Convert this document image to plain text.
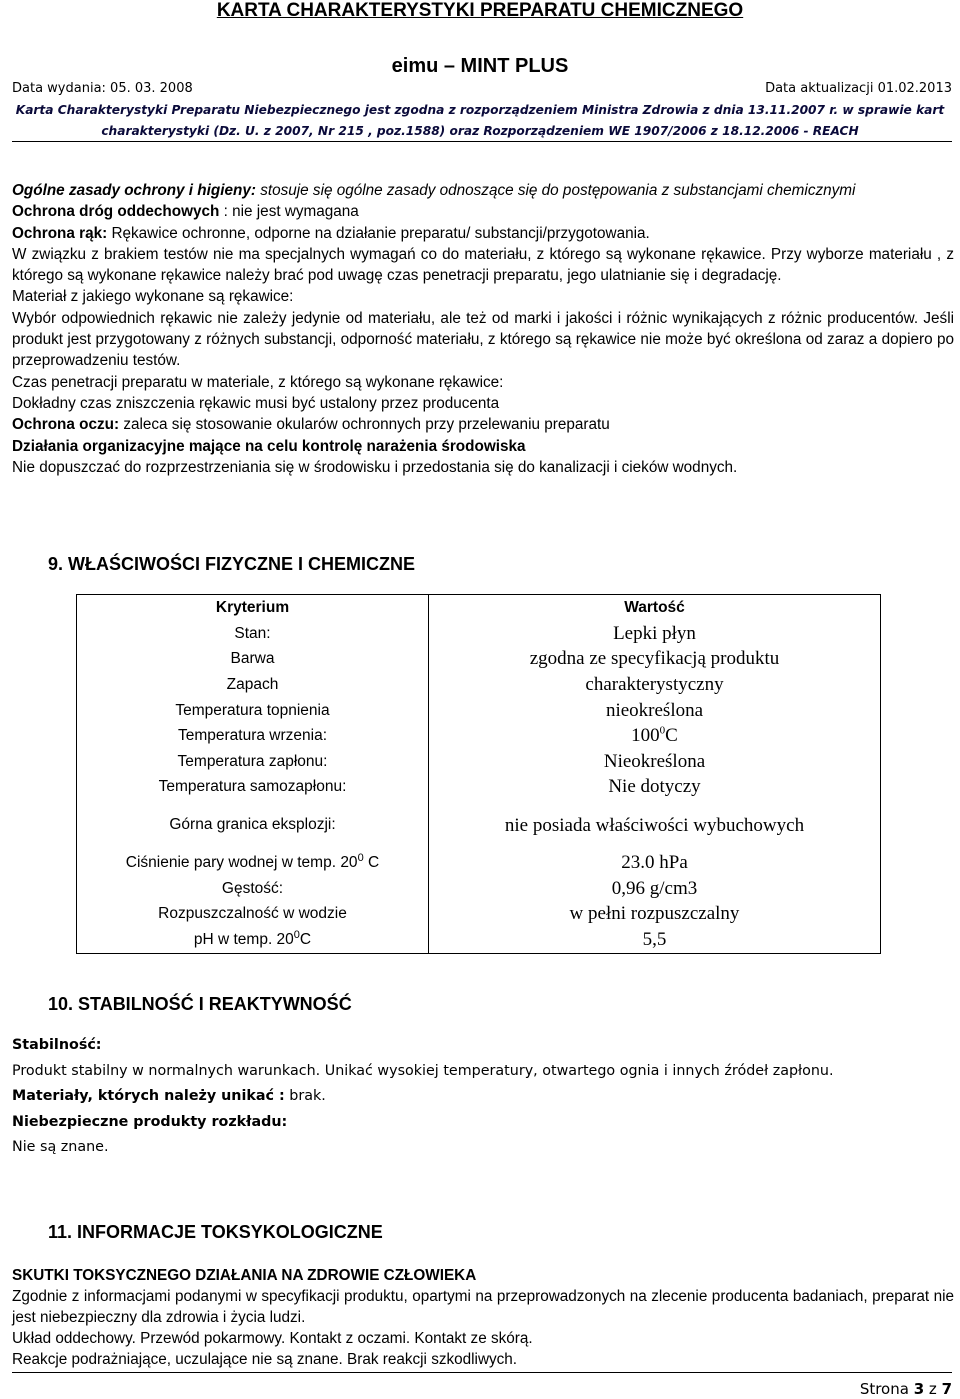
KARTA CHARAKTERYSTYKI PREPARATU CHEMICZNEGO
eimu – MINT PLUS
Data wydania: 05. 03. 2008	Data aktualizacji 01.02.2013
Karta Charakterystyki Preparatu Niebezpiecznego jest zgodna z rozporządzeniem Ministra Zdrowia z dnia 13.11.2007 r. w sprawie kart
charakterystyki (Dz. U. z 2007, Nr 215 , poz.1588) oraz Rozporządzeniem WE 1907/2006 z 18.12.2006 - REACH

Ogólne zasady ochrony i higieny: stosuje się ogólne zasady odnoszące się do postępowania z substancjami chemicznymi

Ochrona dróg oddechowych : nie jest wymagana

Ochrona rąk: Rękawice ochronne, odporne na działanie preparatu/ substancji/przygotowania.

W związku z brakiem testów nie ma specjalnych wymagań co do materiału, z którego są wykonane rękawice. Przy wyborze materiału , z którego są wykonane rękawice należy brać pod uwagę czas penetracji preparatu, jego ulatnianie się i degradację.

Materiał z jakiego wykonane są rękawice:

Wybór odpowiednich rękawic nie zależy jedynie od materiału, ale też od marki i jakości i różnic wynikających z różnic producentów. Jeśli produkt jest przygotowany z różnych substancji, odporność materiału, z którego są rękawice nie może być określona od zaraz a dopiero po przeprowadzeniu testów.

Czas penetracji preparatu w materiale, z którego są wykonane rękawice:

Dokładny czas zniszczenia rękawic musi być ustalony przez producenta

Ochrona oczu: zaleca się stosowanie okularów ochronnych przy przelewaniu preparatu

Działania organizacyjne mające na celu kontrolę narażenia środowiska

Nie dopuszczać do rozprzestrzeniania się w środowisku i przedostania się do kanalizacji i cieków wodnych.

9. WŁAŚCIWOŚCI FIZYCZNE I CHEMICZNE
Kryterium	Wartość
Stan:	Lepki płyn
Barwa	zgodna ze specyfikacją produktu
Zapach	charakterystyczny
Temperatura topnienia	nieokreślona
Temperatura wrzenia:	$100^0C$
Temperatura zapłonu:	Nieokreślona
Temperatura samozapłonu:	Nie dotyczy
Górna granica eksplozji:	nie posiada właściwości wybuchowych
Ciśnienie pary wodnej w temp. $20^0$ C	23.0 hPa
Gęstość:	0,96 g/cm3
Rozpuszczalność w wodzie	w pełni rozpuszczalny
pH w temp. $20^0C$	5,5
10. STABILNOŚĆ I REAKTYWNOŚĆ

Stabilność:

Produkt stabilny w normalnych warunkach. Unikać wysokiej temperatury, otwartego ognia i innych źródeł zapłonu.

Materiały, których należy unikać : brak.

Niebezpieczne produkty rozkładu:

Nie są znane.

11. INFORMACJE TOKSYKOLOGICZNE

SKUTKI TOKSYCZNEGO DZIAŁANIA NA ZDROWIE CZŁOWIEKA

Zgodnie z informacjami podanymi w specyfikacji produktu, opartymi na przeprowadzonych na zlecenie producenta badaniach, preparat nie jest niebezpieczny dla zdrowia i życia ludzi.

Układ oddechowy. Przewód pokarmowy. Kontakt z oczami. Kontakt ze skórą.

Reakcje podrażniające, uczulające nie są znane. Brak reakcji szkodliwych.

Strona 3 z 7
